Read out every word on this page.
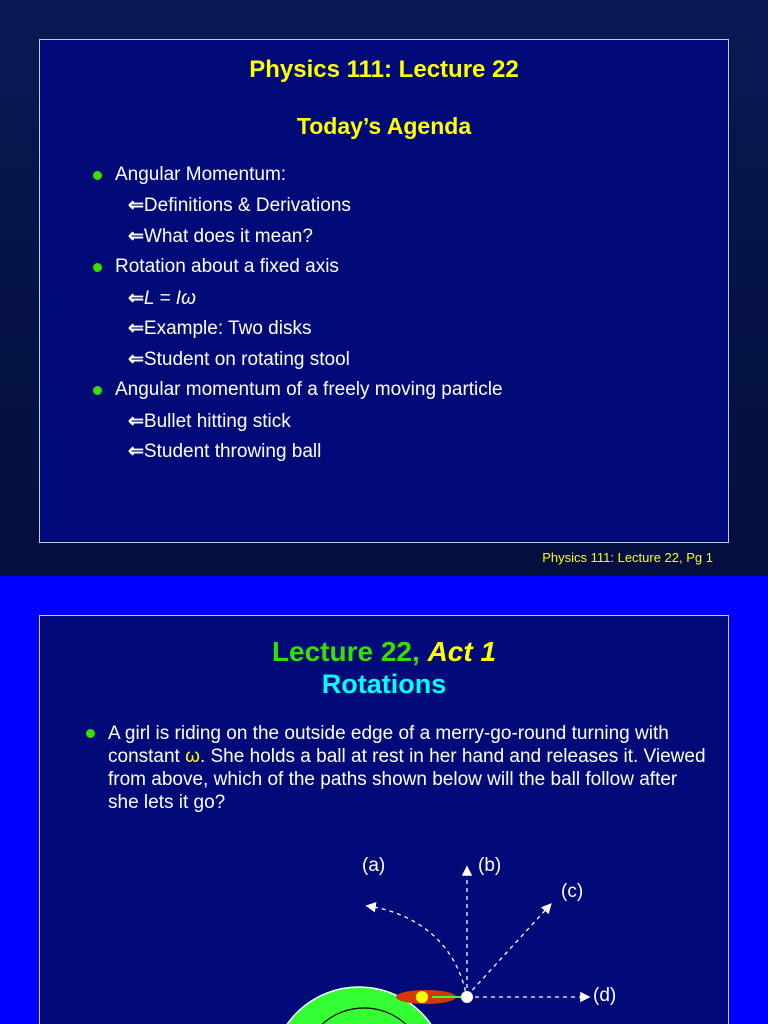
Physics 111: Lecture 22
Today’s Agenda
Angular Momentum:
⇐Definitions & Derivations
⇐What does it mean?
Rotation about a fixed axis
⇐L = Iω
⇐Example: Two disks
⇐Student on rotating stool
Angular momentum of a freely moving particle
⇐Bullet hitting stick
⇐Student throwing ball
Physics 111: Lecture 22, Pg 1
Lecture 22, Act 1
Rotations
A girl is riding on the outside edge of a merry-go-round turning with constant ω. She holds a ball at rest in her hand and releases it. Viewed from above, which of the paths shown below will the ball follow after she lets it go?
(a)	(b)
(c)
(d)
